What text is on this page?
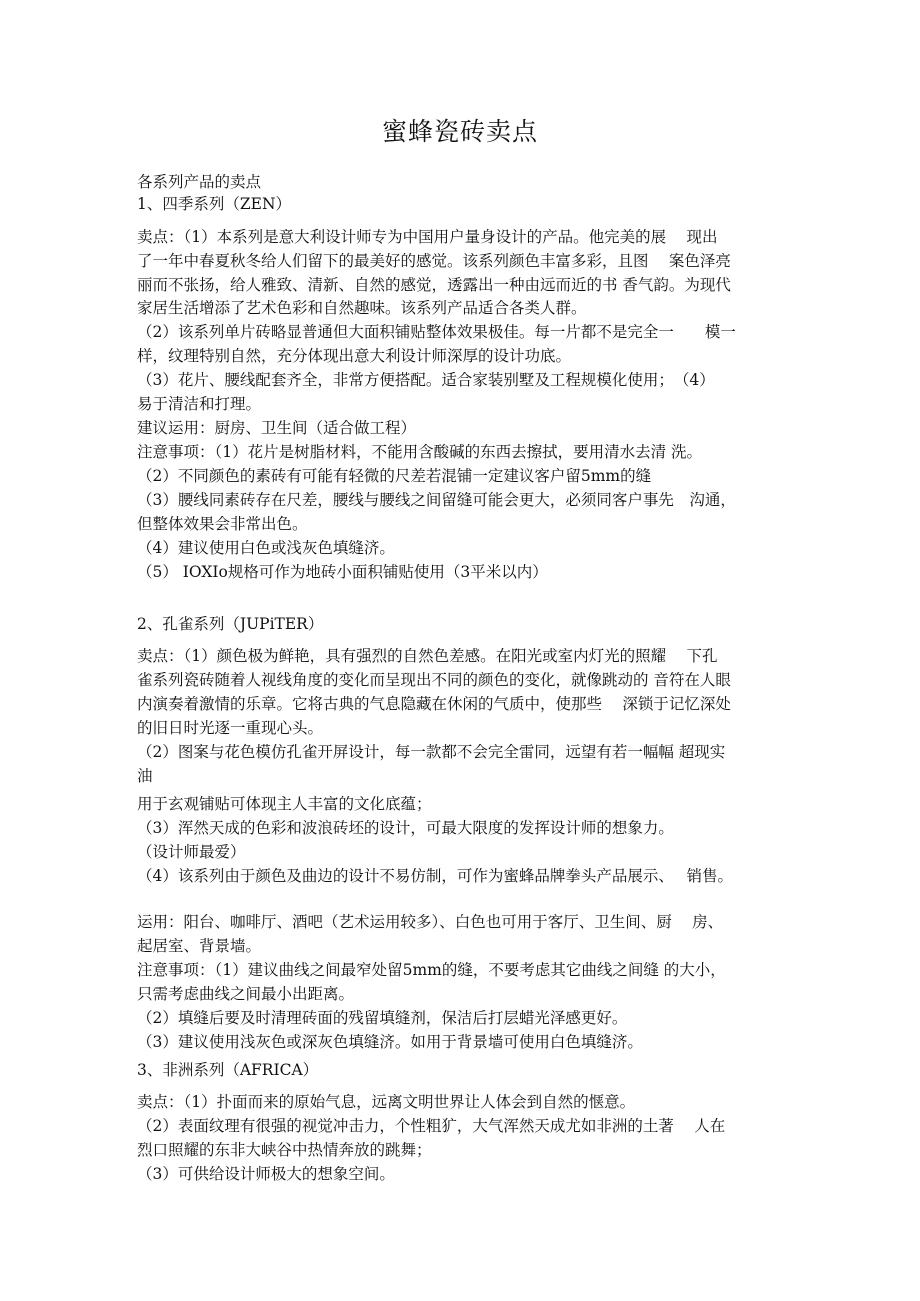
蜜蜂瓷砖卖点
各系列产品的卖点
1、四季系列（ZEN）
卖点：（1）本系列是意大利设计师专为中国用户量身设计的产品。他完美的展　 现出
了一年中春夏秋冬给人们留下的最美好的感觉。该系列颜色丰富多彩，且图　 案色泽亮
丽而不张扬，给人雅致、清新、自然的感觉，透露出一种由远而近的书 香气韵。为现代
家居生活增添了艺术色彩和自然趣味。该系列产品适合各类人群。
（2）该系列单片砖略显普通但大面积铺贴整体效果极佳。每一片都不是完全一　　模一
样，纹理特别自然，充分体现出意大利设计师深厚的设计功底。
（3）花片、腰线配套齐全，非常方便搭配。适合家装别墅及工程规模化使用；　（4）
易于清洁和打理。
建议运用：厨房、卫生间（适合做工程）
注意事项：（1）花片是树脂材料，不能用含酸碱的东西去擦拭，要用清水去清 洗。
（2）不同颜色的素砖有可能有轻微的尺差若混铺一定建议客户留5mm的缝
（3）腰线同素砖存在尺差，腰线与腰线之间留缝可能会更大，必须同客户事先　沟通，
但整体效果会非常出色。
（4）建议使用白色或浅灰色填缝济。
（5） IOXIo规格可作为地砖小面积铺贴使用（3平米以内）
2、孔雀系列（JUPiTER）
卖点：（1）颜色极为鲜艳，具有强烈的自然色差感。在阳光或室内灯光的照耀　 下孔
雀系列瓷砖随着人视线角度的变化而呈现出不同的颜色的变化，就像跳动的 音符在人眼
内演奏着激情的乐章。它将古典的气息隐藏在休闲的气质中，使那些　 深锁于记忆深处
的旧日时光逐一重现心头。
（2）图案与花色模仿孔雀开屏设计，每一款都不会完全雷同，远望有若一幅幅 超现实
油
用于玄观铺贴可体现主人丰富的文化底蕴；
（3）浑然天成的色彩和波浪砖坯的设计，可最大限度的发挥设计师的想象力。
（设计师最爱）
（4）该系列由于颜色及曲边的设计不易仿制，可作为蜜蜂品牌拳头产品展示、　 销售。
运用：阳台、咖啡厅、酒吧（艺术运用较多）、白色也可用于客厅、卫生间、厨　 房、
起居室、背景墙。
注意事项：（1）建议曲线之间最窄处留5mm的缝，不要考虑其它曲线之间缝 的大小，
只需考虑曲线之间最小出距离。
（2）填缝后要及时清理砖面的残留填缝剂，保洁后打层蜡光泽感更好。
（3）建议使用浅灰色或深灰色填缝济。如用于背景墙可使用白色填缝济。
3、非洲系列（AFRICA）
卖点：（1）扑面而来的原始气息，远离文明世界让人体会到自然的惬意。
（2）表面纹理有很强的视觉冲击力，个性粗犷，大气浑然天成尤如非洲的土著　 人在
烈口照耀的东非大峡谷中热情奔放的跳舞；
（3）可供给设计师极大的想象空间。
